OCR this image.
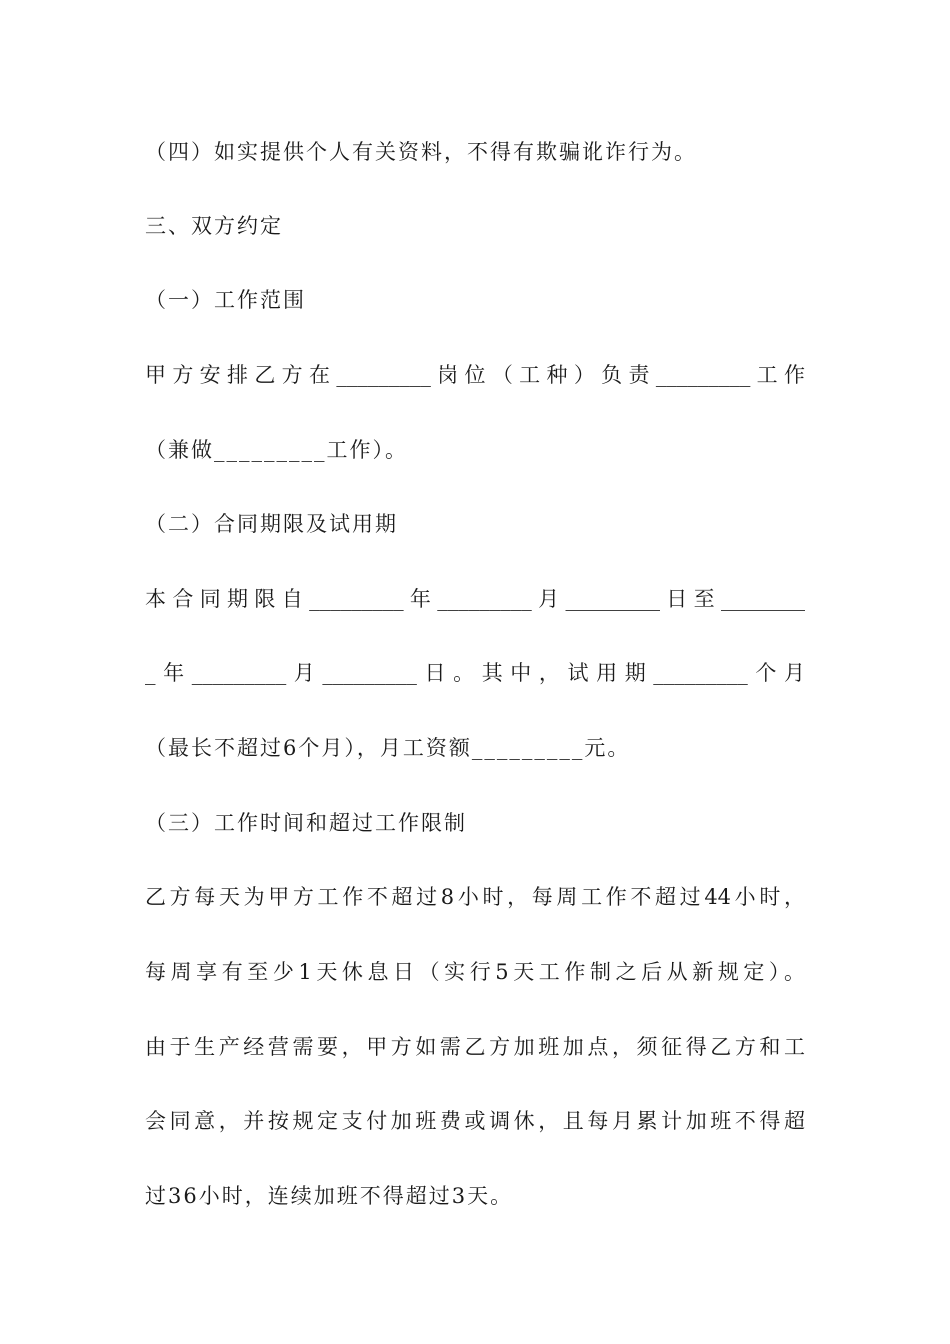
（四）如实提供个人有关资料，不得有欺骗讹诈行为。
三、双方约定
（一）工作范围
甲方安排乙方在_________岗位（工种）负责_________工作
（兼做_________工作）。
（二）合同期限及试用期
本合同期限自_________年_________月_________日至________
_年_________月_________日。其中，试用期_________个月
（最长不超过6个月），月工资额_________元。
（三）工作时间和超过工作限制
乙方每天为甲方工作不超过8小时，每周工作不超过44小时，
每周享有至少1天休息日（实行5天工作制之后从新规定）。
由于生产经营需要，甲方如需乙方加班加点，须征得乙方和工
会同意，并按规定支付加班费或调休，且每月累计加班不得超
过36小时，连续加班不得超过3天。
